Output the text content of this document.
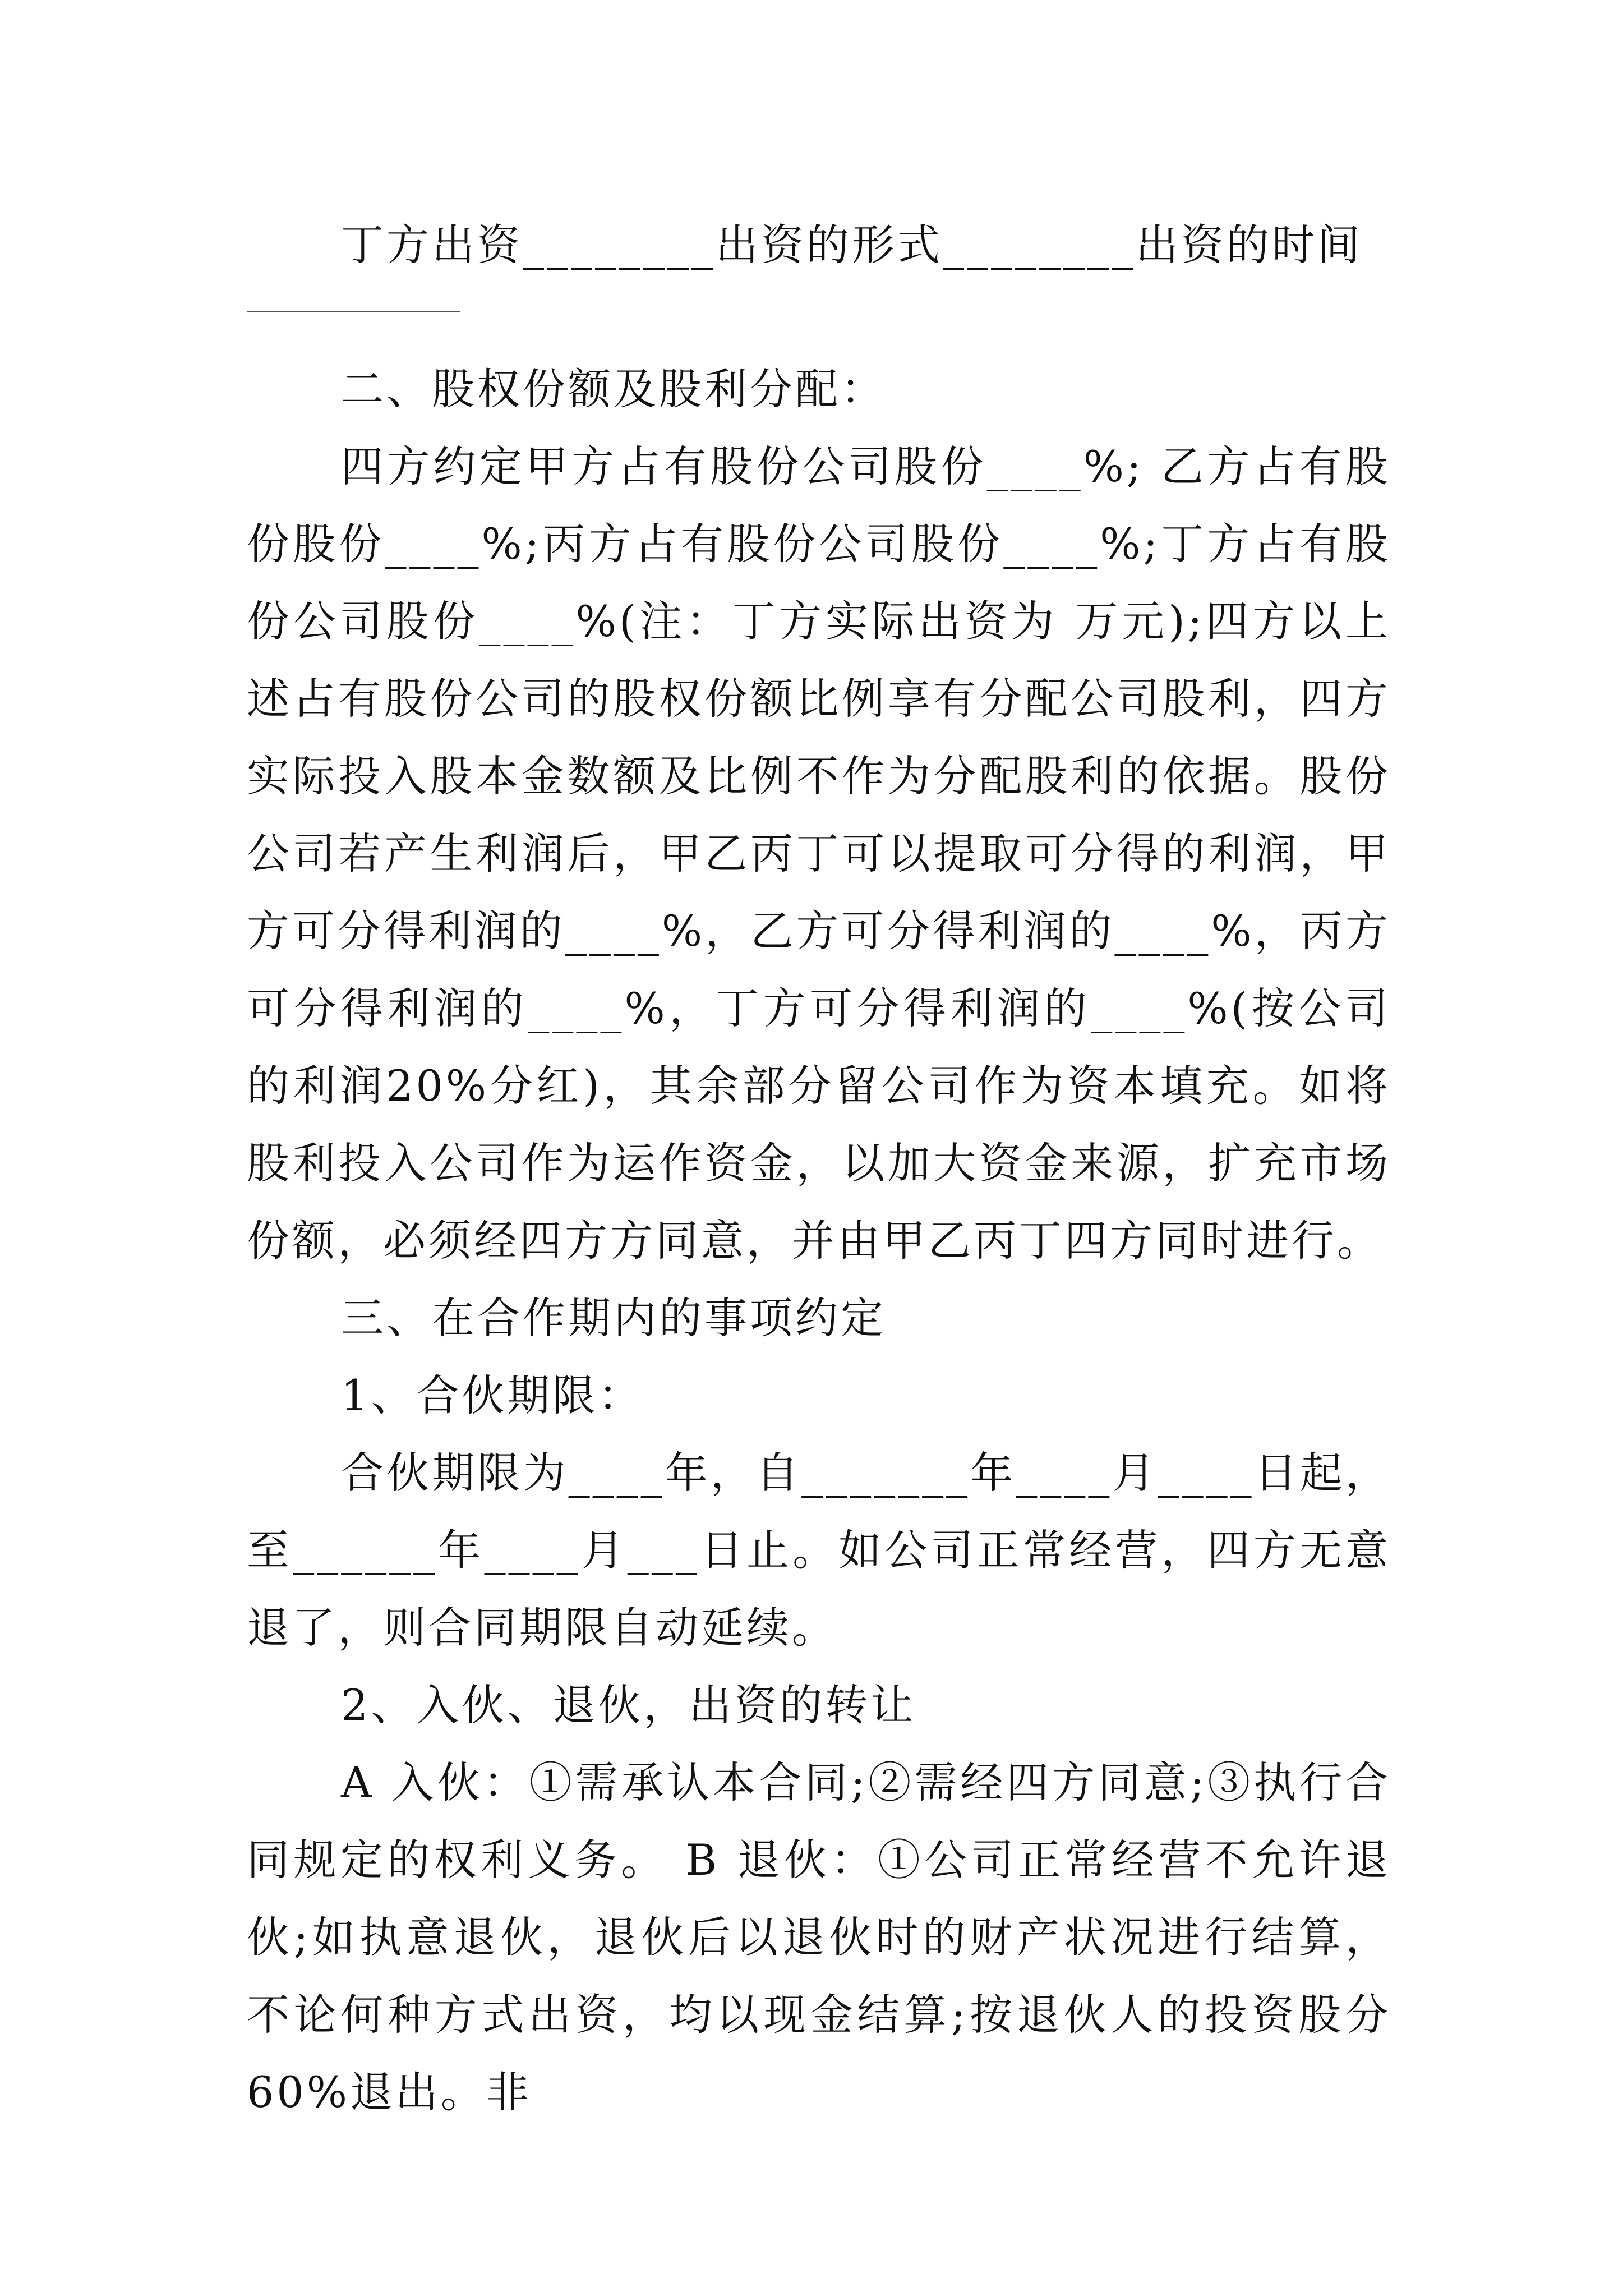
丁方出资________出资的形式________出资的时间

二、股权份额及股利分配：

四方约定甲方占有股份公司股份____%; 乙方占有股份股份____%;丙方占有股份公司股份____%;丁方占有股份公司股份____%(注：丁方实际出资为 万元);四方以上述占有股份公司的股权份额比例享有分配公司股利，四方实际投入股本金数额及比例不作为分配股利的依据。股份公司若产生利润后，甲乙丙丁可以提取可分得的利润，甲方可分得利润的____%，乙方可分得利润的____%，丙方可分得利润的____%，丁方可分得利润的____%(按公司的利润20%分红)，其余部分留公司作为资本填充。如将股利投入公司作为运作资金，以加大资金来源，扩充市场份额，必须经四方方同意，并由甲乙丙丁四方同时进行。

三、在合作期内的事项约定

1、合伙期限：

合伙期限为____年，自_______年____月____日起，至______年____月___日止。如公司正常经营，四方无意退了，则合同期限自动延续。

2、入伙、退伙，出资的转让

A 入伙：①需承认本合同;②需经四方同意;③执行合同规定的权利义务。 B 退伙：①公司正常经营不允许退伙;如执意退伙，退伙后以退伙时的财产状况进行结算，不论何种方式出资，均以现金结算;按退伙人的投资股分 60%退出。非
